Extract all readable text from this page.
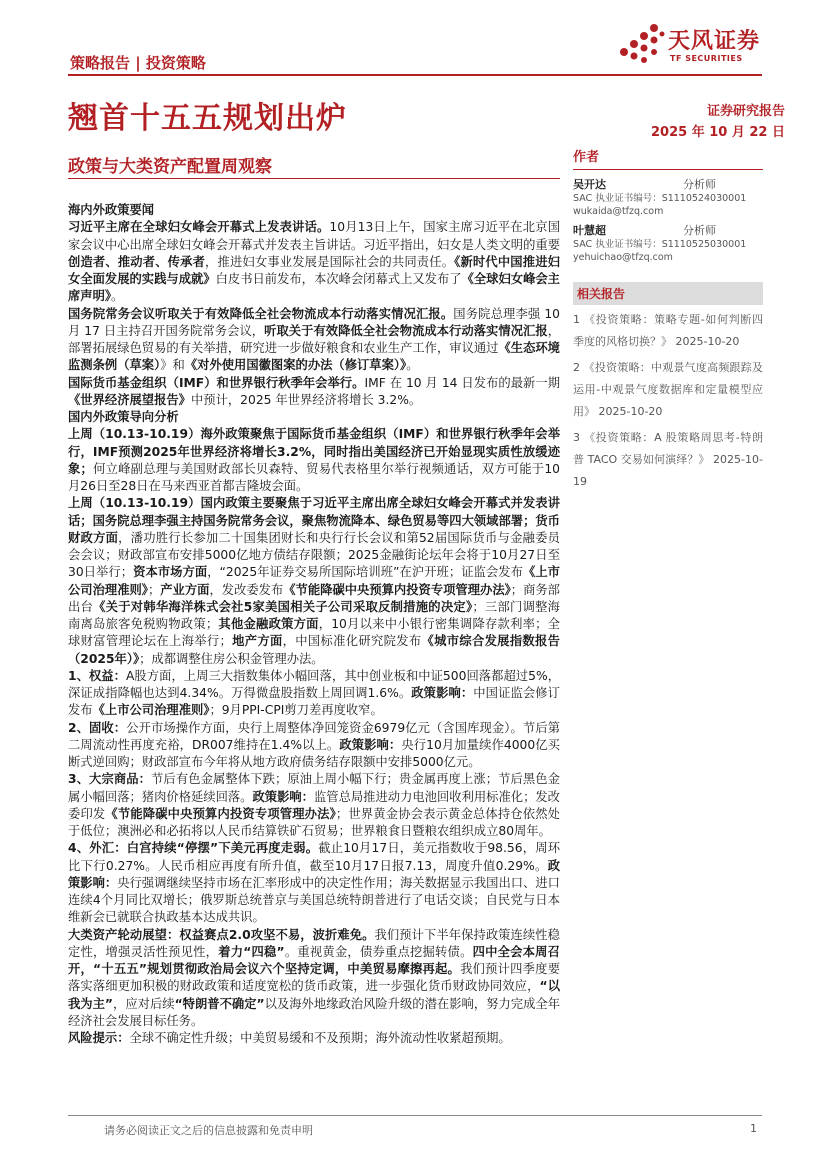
策略报告 | 投资策略
天风证券
TF SECURITIES
翘首十五五规划出炉	证券研究报告
2025 年 10 月 22 日
政策与大类资产配置周观察

海内外政策要闻

习近平主席在全球妇女峰会开幕式上发表讲话。10月13日上午，国家主席习近平在北京国家会议中心出席全球妇女峰会开幕式并发表主旨讲话。习近平指出，妇女是人类文明的重要创造者、推动者、传承者，推进妇女事业发展是国际社会的共同责任。《新时代中国推进妇女全面发展的实践与成就》白皮书日前发布，本次峰会闭幕式上又发布了《全球妇女峰会主席声明》。

国务院常务会议听取关于有效降低全社会物流成本行动落实情况汇报。国务院总理李强 10 月 17 日主持召开国务院常务会议，听取关于有效降低全社会物流成本行动落实情况汇报，部署拓展绿色贸易的有关举措，研究进一步做好粮食和农业生产工作，审议通过《生态环境监测条例（草案）》和《对外使用国徽图案的办法（修订草案）》。

国际货币基金组织（IMF）和世界银行秋季年会举行。IMF 在 10 月 14 日发布的最新一期《世界经济展望报告》中预计，2025 年世界经济将增长 3.2%。

国内外政策导向分析

上周（10.13-10.19）海外政策聚焦于国际货币基金组织（IMF）和世界银行秋季年会举行，IMF预测2025年世界经济将增长3.2%，同时指出美国经济已开始显现实质性放缓迹象；何立峰副总理与美国财政部长贝森特、贸易代表格里尔举行视频通话，双方可能于10月26日至28日在马来西亚首都吉隆坡会面。

上周（10.13-10.19）国内政策主要聚焦于习近平主席出席全球妇女峰会开幕式并发表讲话；国务院总理李强主持国务院常务会议，聚焦物流降本、绿色贸易等四大领域部署；货币财政方面，潘功胜行长参加二十国集团财长和央行行长会议和第52届国际货币与金融委员会会议；财政部宣布安排5000亿地方债结存限额；2025金融街论坛年会将于10月27日至30日举行；资本市场方面，“2025年证券交易所国际培训班”在沪开班；证监会发布《上市公司治理准则》；产业方面，发改委发布《节能降碳中央预算内投资专项管理办法》；商务部出台《关于对韩华海洋株式会社5家美国相关子公司采取反制措施的决定》；三部门调整海南离岛旅客免税购物政策；其他金融政策方面，10月以来中小银行密集调降存款利率；全球财富管理论坛在上海举行；地产方面，中国标准化研究院发布《城市综合发展指数报告（2025年）》；成都调整住房公积金管理办法。

1、权益：A股方面，上周三大指数集体小幅回落，其中创业板和中证500回落都超过5%，深证成指降幅也达到4.34%。万得微盘股指数上周回调1.6%。政策影响：中国证监会修订发布《上市公司治理准则》；9月PPI-CPI剪刀差再度收窄。

2、固收：公开市场操作方面，央行上周整体净回笼资金6979亿元（含国库现金）。节后第二周流动性再度充裕，DR007维持在1.4%以上。政策影响：央行10月加量续作4000亿买断式逆回购；财政部宣布今年将从地方政府债务结存限额中安排5000亿元。

3、大宗商品：节后有色金属整体下跌；原油上周小幅下行；贵金属再度上涨；节后黑色金属小幅回落；猪肉价格延续回落。政策影响：监管总局推进动力电池回收利用标准化；发改委印发《节能降碳中央预算内投资专项管理办法》；世界黄金协会表示黄金总体持仓依然处于低位；澳洲必和必拓将以人民币结算铁矿石贸易；世界粮食日暨粮农组织成立80周年。

4、外汇：白宫持续“停摆”下美元再度走弱。截止10月17日，美元指数收于98.56，周环比下行0.27%。人民币相应再度有所升值，截至10月17日报7.13，周度升值0.29%。政策影响：央行强调继续坚持市场在汇率形成中的决定性作用；海关数据显示我国出口、进口连续4个月同比双增长；俄罗斯总统普京与美国总统特朗普进行了电话交谈；自民党与日本维新会已就联合执政基本达成共识。

大类资产轮动展望：权益赛点2.0攻坚不易，波折难免。我们预计下半年保持政策连续性稳定性，增强灵活性预见性，着力“四稳”。重视黄金，债券重点挖掘转债。四中全会本周召开，“十五五”规划贯彻政治局会议六个坚持定调，中美贸易摩擦再起。我们预计四季度要落实落细更加积极的财政政策和适度宽松的货币政策，进一步强化货币财政协同效应，“以我为主”，应对后续“特朗普不确定”以及海外地缘政治风险升级的潜在影响，努力完成全年经济社会发展目标任务。

风险提示：全球不确定性升级；中美贸易缓和不及预期；海外流动性收紧超预期。

作者
吴开达	分析师
SAC 执业证书编号：S1110524030001
wukaida@tfzq.com
叶慧超	分析师
SAC 执业证书编号：S1110525030001
yehuichao@tfzq.com
相关报告
1 《投资策略：策略专题-如何判断四季度的风格切换？》 2025-10-20
2 《投资策略：中观景气度高频跟踪及运用-中观景气度数据库和定量模型应用》 2025-10-20
3 《投资策略：A 股策略周思考-特朗普 TACO 交易如何演绎？》 2025-10-19
请务必阅读正文之后的信息披露和免责申明	1
